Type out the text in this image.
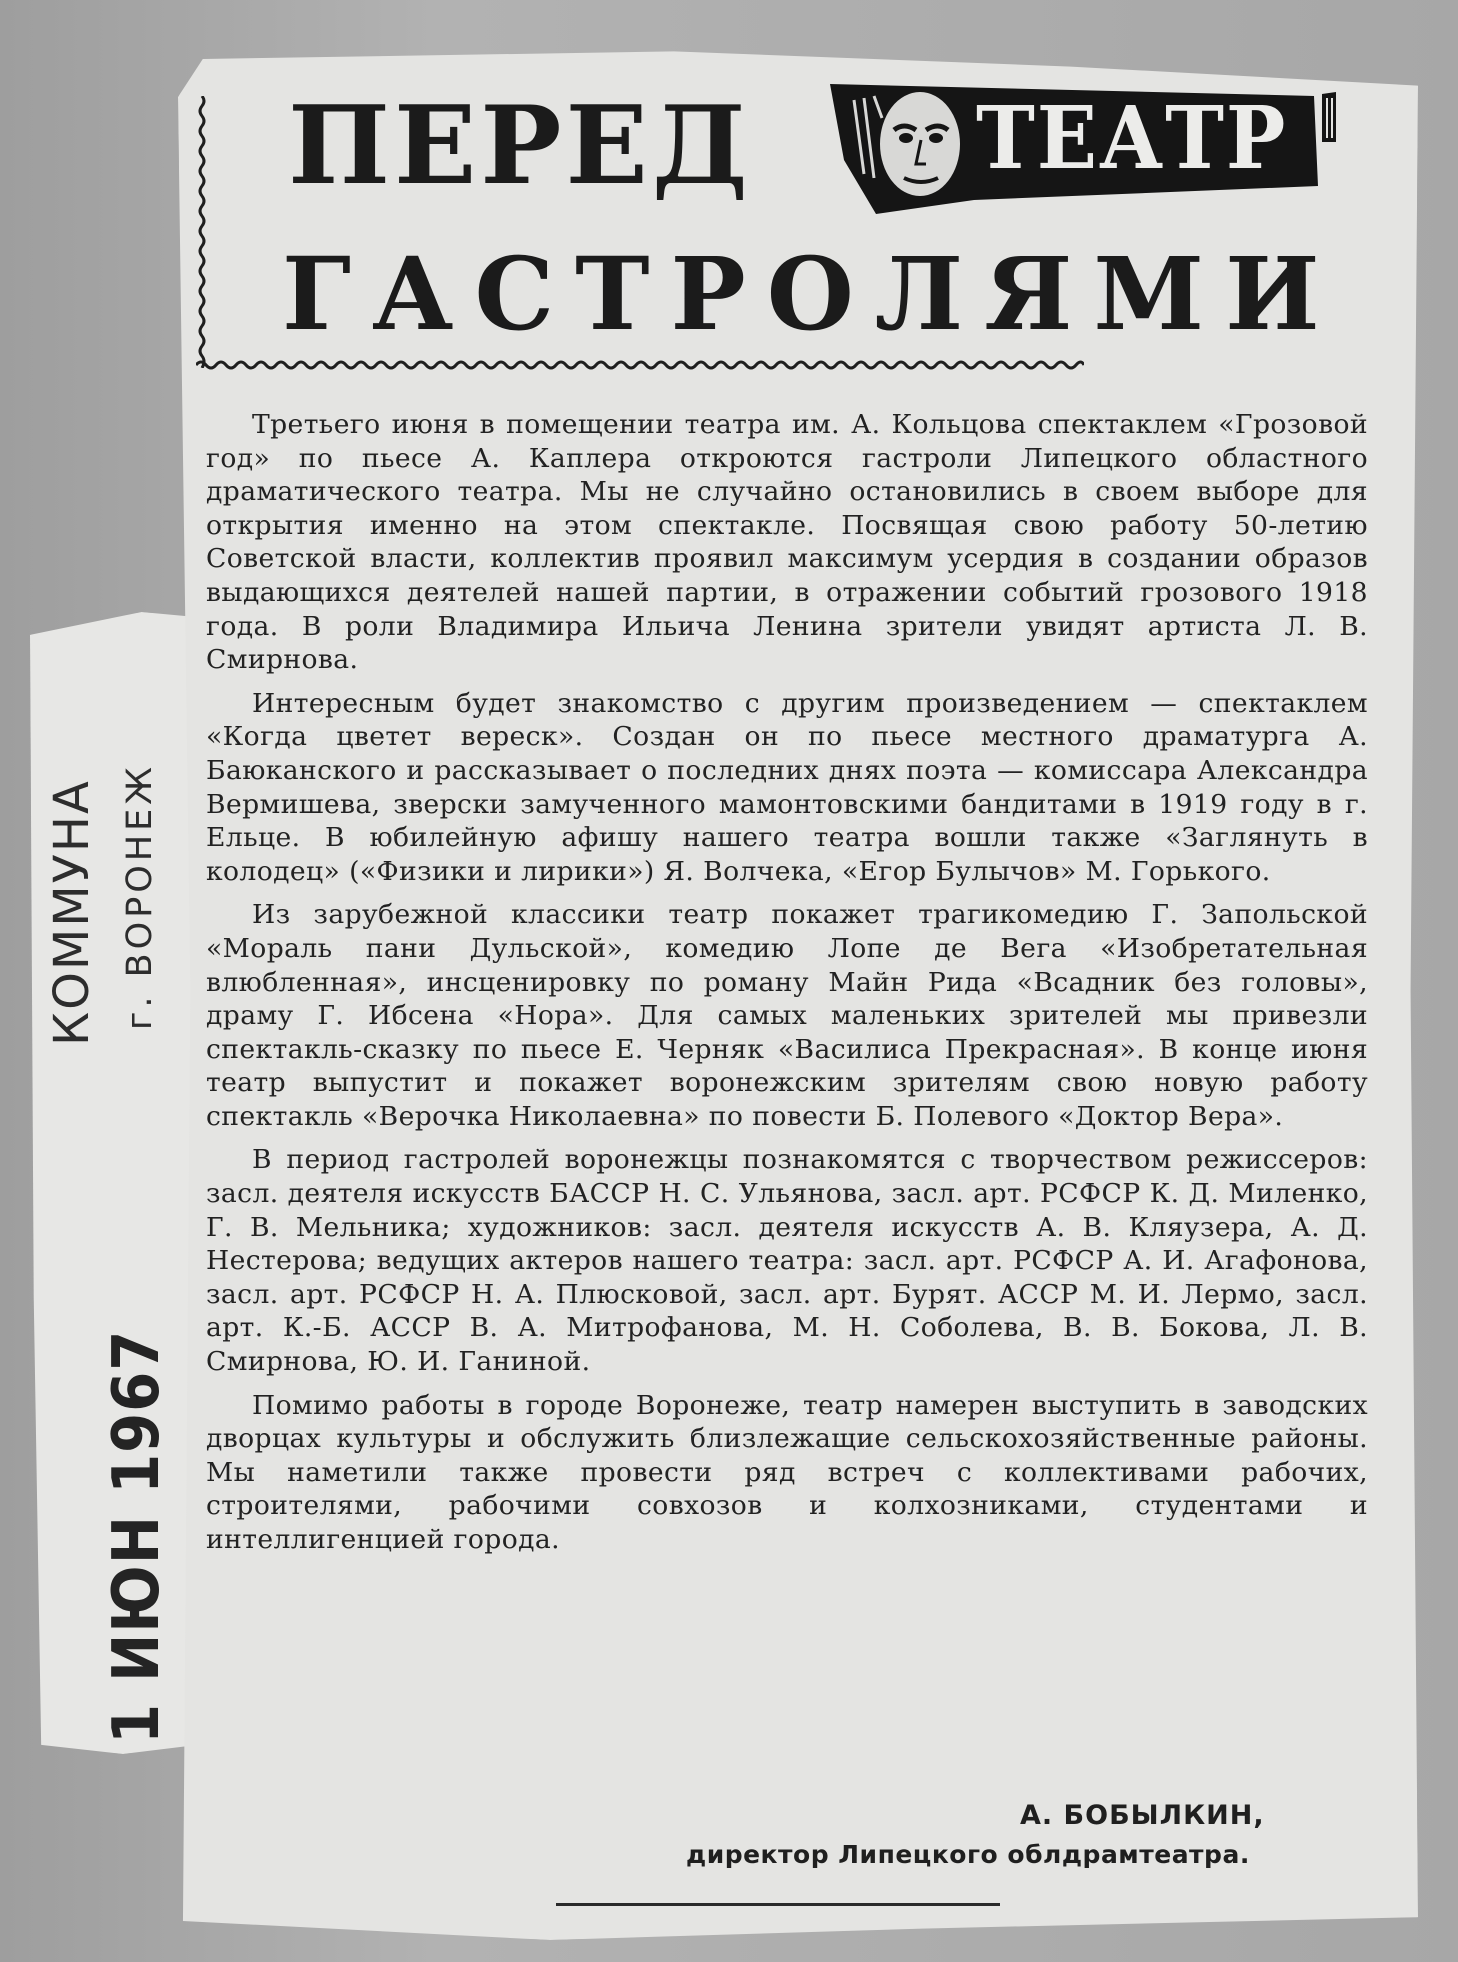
КОММУНА г. ВОРОНЕЖ

1 ИЮН 1967

ПЕРЕД
ГАСТРОЛЯМИ
ТЕАТР

Третьего июня в помещении театра им. А. Кольцова спектаклем «Грозовой год» по пьесе А. Каплера откроются гастроли Липецкого областного драматического театра. Мы не случайно остановились в своем выборе для открытия именно на этом спектакле. Посвящая свою работу 50-летию Советской власти, коллектив проявил максимум усердия в создании образов выдающихся деятелей нашей партии, в отражении событий грозового 1918 года. В роли Владимира Ильича Ленина зрители увидят артиста Л. В. Смирнова.

Интересным будет знакомство с другим произведением — спектаклем «Когда цветет вереск». Создан он по пьесе местного драматурга А. Баюканского и рассказывает о последних днях поэта — комиссара Александра Вермишева, зверски замученного мамонтовскими бандитами в 1919 году в г. Ельце. В юбилейную афишу нашего театра вошли также «Заглянуть в колодец» («Физики и лирики») Я. Волчека, «Егор Булычов» М. Горького.

Из зарубежной классики театр покажет трагикомедию Г. Запольской «Мораль пани Дульской», комедию Лопе де Вега «Изобретательная влюбленная», инсценировку по роману Майн Рида «Всадник без головы», драму Г. Ибсена «Нора». Для самых маленьких зрителей мы привезли спектакль-сказку по пьесе Е. Черняк «Василиса Прекрасная». В конце июня театр выпустит и покажет воронежским зрителям свою новую работу спектакль «Верочка Николаевна» по повести Б. Полевого «Доктор Вера».

В период гастролей воронежцы познакомятся с творчеством режиссеров: засл. деятеля искусств БАССР Н. С. Ульянова, засл. арт. РСФСР К. Д. Миленко, Г. В. Мельника; художников: засл. деятеля искусств А. В. Кляузера, А. Д. Нестерова; ведущих актеров нашего театра: засл. арт. РСФСР А. И. Агафонова, засл. арт. РСФСР Н. А. Плюсковой, засл. арт. Бурят. АССР М. И. Лермо, засл. арт. К.-Б. АССР В. А. Митрофанова, М. Н. Соболева, В. В. Бокова, Л. В. Смирнова, Ю. И. Ганиной.

Помимо работы в городе Воронеже, театр намерен выступить в заводских дворцах культуры и обслужить близлежащие сельскохозяйственные районы. Мы наметили также провести ряд встреч с коллективами рабочих, строителями, рабочими совхозов и колхозниками, студентами и интеллигенцией города.

А. БОБЫЛКИН,

директор Липецкого облдрамтеатра.
